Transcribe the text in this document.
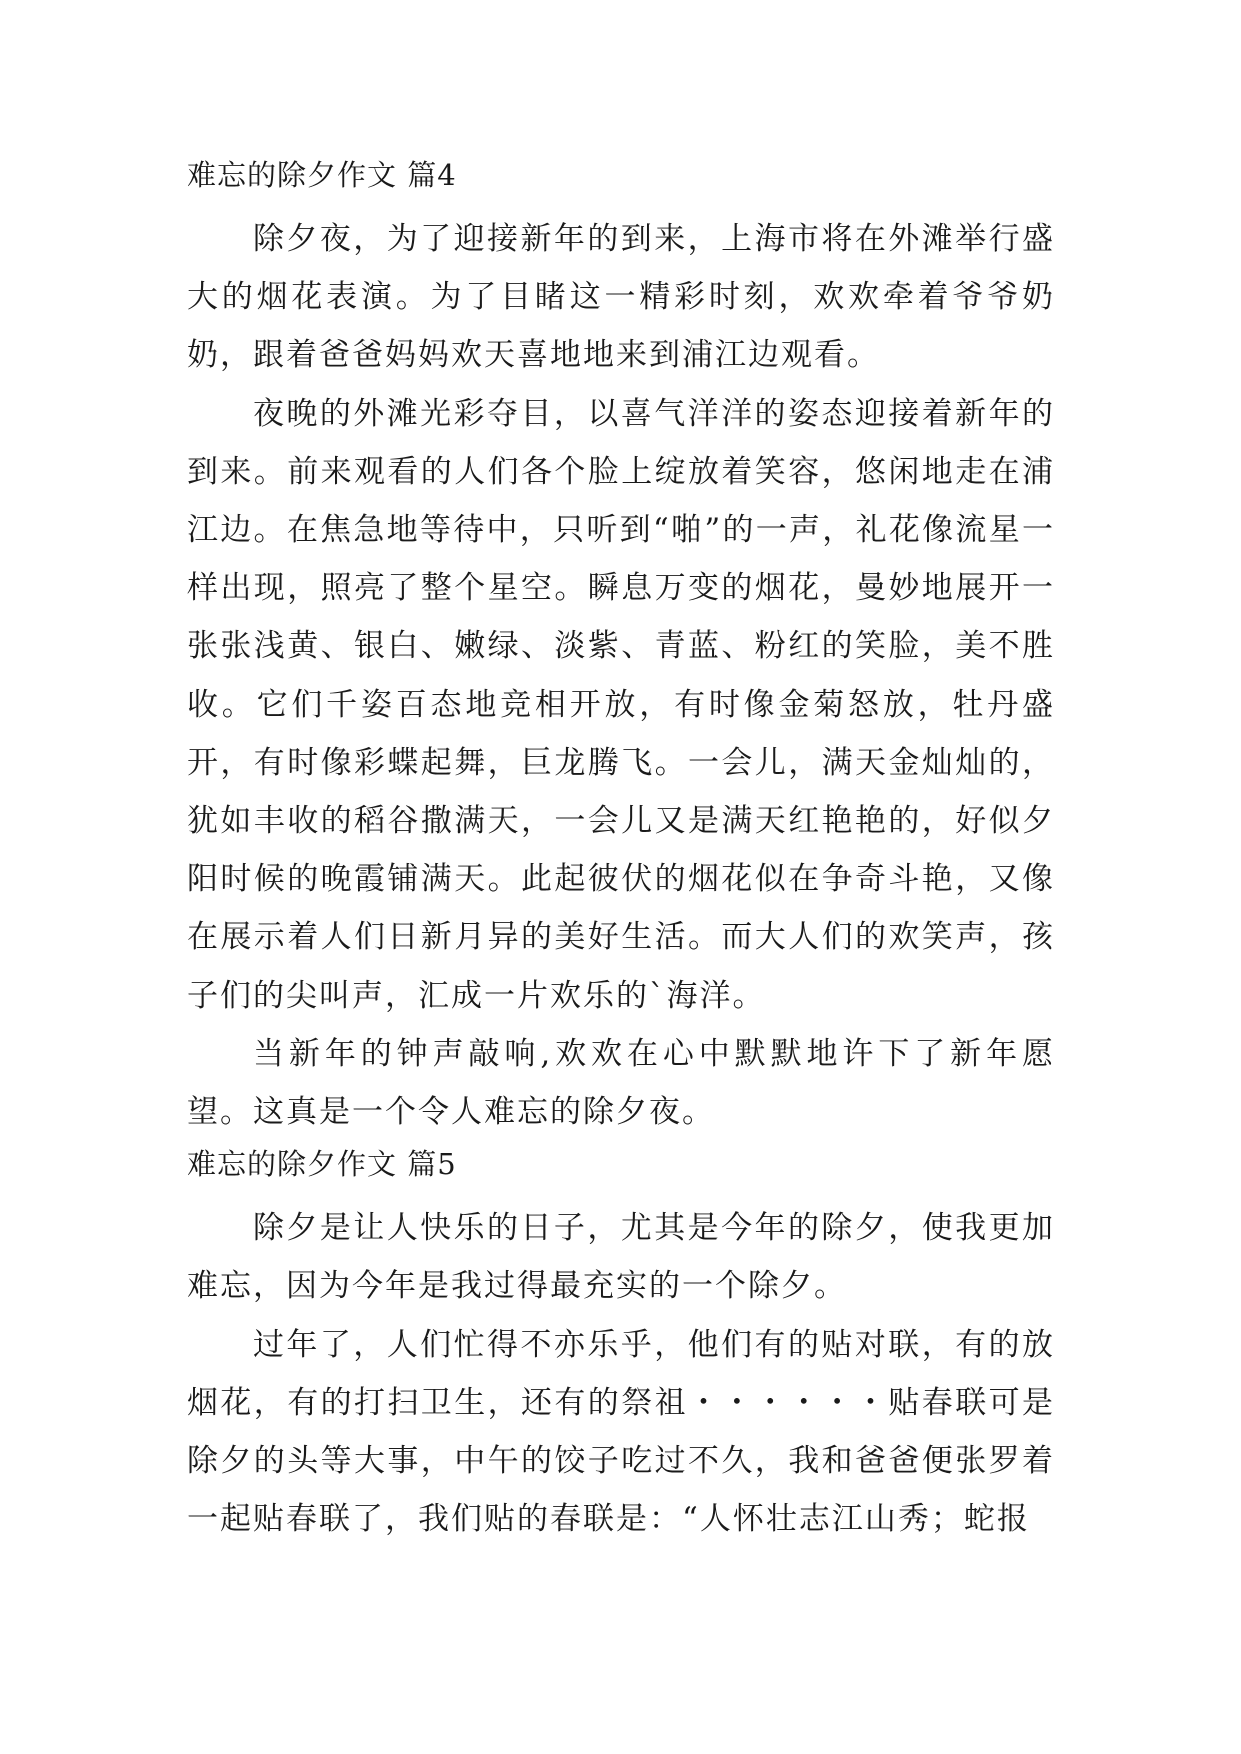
难忘的除夕作文 篇4

除夕夜，为了迎接新年的到来，上海市将在外滩举行盛大的烟花表演。为了目睹这一精彩时刻，欢欢牵着爷爷奶奶，跟着爸爸妈妈欢天喜地地来到浦江边观看。

夜晚的外滩光彩夺目，以喜气洋洋的姿态迎接着新年的到来。前来观看的人们各个脸上绽放着笑容，悠闲地走在浦江边。在焦急地等待中，只听到“啪”的一声，礼花像流星一样出现，照亮了整个星空。瞬息万变的烟花，曼妙地展开一张张浅黄、银白、嫩绿、淡紫、青蓝、粉红的笑脸，美不胜收。它们千姿百态地竞相开放，有时像金菊怒放，牡丹盛开，有时像彩蝶起舞，巨龙腾飞。一会儿，满天金灿灿的，犹如丰收的稻谷撒满天，一会儿又是满天红艳艳的，好似夕阳时候的晚霞铺满天。此起彼伏的烟花似在争奇斗艳，又像在展示着人们日新月异的美好生活。而大人们的欢笑声，孩子们的尖叫声，汇成一片欢乐的`海洋。

当新年的钟声敲响,欢欢在心中默默地许下了新年愿望。这真是一个令人难忘的除夕夜。

难忘的除夕作文 篇5

除夕是让人快乐的日子，尤其是今年的除夕，使我更加难忘，因为今年是我过得最充实的一个除夕。

过年了，人们忙得不亦乐乎，他们有的贴对联，有的放烟花，有的打扫卫生，还有的祭祖・・・・・・贴春联可是除夕的头等大事，中午的饺子吃过不久，我和爸爸便张罗着一起贴春联了，我们贴的春联是：“人怀壮志江山秀；蛇报
